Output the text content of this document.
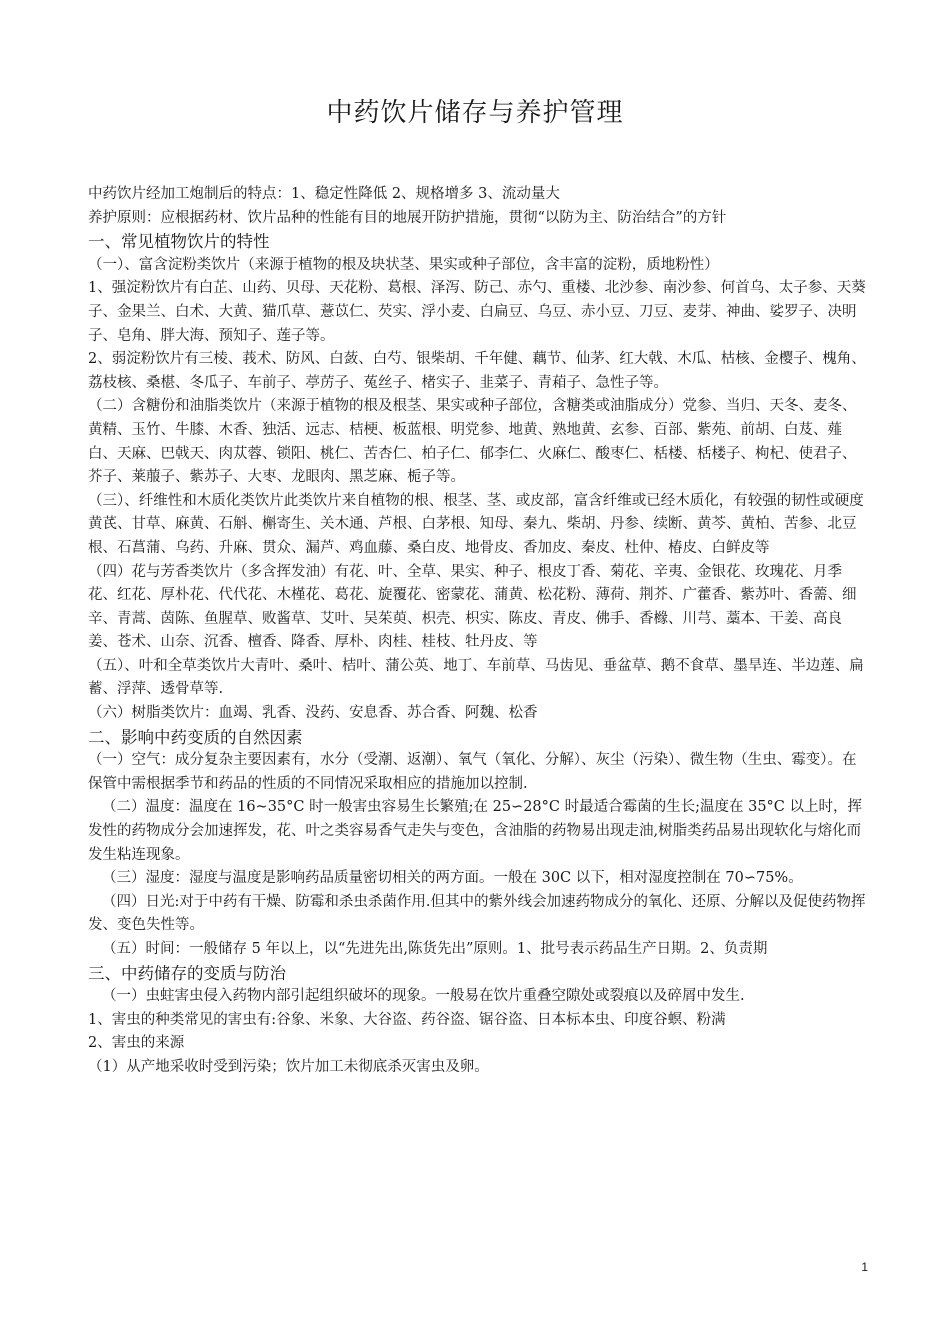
中药饮片储存与养护管理

中药饮片经加工炮制后的特点：1、稳定性降低 2、规格增多 3、流动量大

养护原则：应根据药材、饮片品种的性能有目的地展开防护措施，贯彻“以防为主、防治结合”的方针

一、常见植物饮片的特性

（一）、富含淀粉类饮片（来源于植物的根及块状茎、果实或种子部位，含丰富的淀粉，质地粉性）

1、强淀粉饮片有白芷、山药、贝母、天花粉、葛根、泽泻、防己、赤勺、重楼、北沙参、南沙参、何首乌、太子参、天葵子、金果兰、白术、大黄、猫爪草、薏苡仁、芡实、浮小麦、白扁豆、乌豆、赤小豆、刀豆、麦芽、神曲、娑罗子、决明子、皂角、胖大海、预知子、莲子等。

2、弱淀粉饮片有三棱、莪术、防风、白蔹、白芍、银柴胡、千年健、藕节、仙茅、红大戟、木瓜、枯核、金樱子、槐角、荔枝核、桑椹、冬瓜子、车前子、葶苈子、菟丝子、楮实子、韭菜子、青葙子、急性子等。

（二）含糖份和油脂类饮片（来源于植物的根及根茎、果实或种子部位，含糖类或油脂成分）党参、当归、天冬、麦冬、黄精、玉竹、牛膝、木香、独活、远志、桔梗、板蓝根、明党参、地黄、熟地黄、玄参、百部、紫苑、前胡、白芨、薤白、天麻、巴戟天、肉苁蓉、锁阳、桃仁、苦杏仁、柏子仁、郁李仁、火麻仁、酸枣仁、栝楼、栝楼子、枸杞、使君子、芥子、莱菔子、紫苏子、大枣、龙眼肉、黑芝麻、栀子等。

（三）、纤维性和木质化类饮片此类饮片来自植物的根、根茎、茎、或皮部，富含纤维或已经木质化，有较强的韧性或硬度黄芪、甘草、麻黄、石斛、槲寄生、关木通、芦根、白茅根、知母、秦九、柴胡、丹参、续断、黄芩、黄柏、苦参、北豆根、石菖蒲、乌药、升麻、贯众、漏芦、鸡血藤、桑白皮、地骨皮、香加皮、秦皮、杜仲、椿皮、白鲜皮等

（四）花与芳香类饮片（多含挥发油）有花、叶、全草、果实、种子、根皮丁香、菊花、辛夷、金银花、玫瑰花、月季花、红花、厚朴花、代代花、木槿花、葛花、旋覆花、密蒙花、蒲黄、松花粉、薄荷、荆芥、广藿香、紫苏叶、香薷、细辛、青蒿、茵陈、鱼腥草、败酱草、艾叶、吴茱萸、枳壳、枳实、陈皮、青皮、佛手、香橼、川芎、藁本、干姜、高良姜、苍术、山奈、沉香、檀香、降香、厚朴、肉桂、桂枝、牡丹皮、等

（五）、叶和全草类饮片大青叶、桑叶、桔叶、蒲公英、地丁、车前草、马齿见、垂盆草、鹅不食草、墨旱连、半边莲、扁蓄、浮萍、透骨草等.

（六）树脂类饮片：血竭、乳香、没药、安息香、苏合香、阿魏、松香

二、影响中药变质的自然因素

（一）空气：成分复杂主要因素有，水分（受潮、返潮）、氧气（氧化、分解）、灰尘（污染）、微生物（生虫、霉变）。在保管中需根据季节和药品的性质的不同情况采取相应的措施加以控制.

（二）温度：温度在 16~35°C 时一般害虫容易生长繁殖;在 25∽28°C 时最适合霉菌的生长;温度在 35°C 以上时，挥发性的药物成分会加速挥发，花、叶之类容易香气走失与变色，含油脂的药物易出现走油,树脂类药品易出现软化与熔化而发生粘连现象。

（三）湿度：湿度与温度是影响药品质量密切相关的两方面。一般在 30C 以下，相对湿度控制在 70∽75%。

（四）日光:对于中药有干燥、防霉和杀虫杀菌作用.但其中的紫外线会加速药物成分的氧化、还原、分解以及促使药物挥发、变色失性等。

（五）时间：一般储存 5 年以上，以“先进先出,陈货先出”原则。1、批号表示药品生产日期。2、负责期

三、中药储存的变质与防治

（一）虫蛀害虫侵入药物内部引起组织破坏的现象。一般易在饮片重叠空隙处或裂痕以及碎屑中发生.

1、害虫的种类常见的害虫有:谷象、米象、大谷盗、药谷盗、锯谷盗、日本标本虫、印度谷螟、粉满

2、害虫的来源

（1）从产地采收时受到污染；饮片加工未彻底杀灭害虫及卵。

1
